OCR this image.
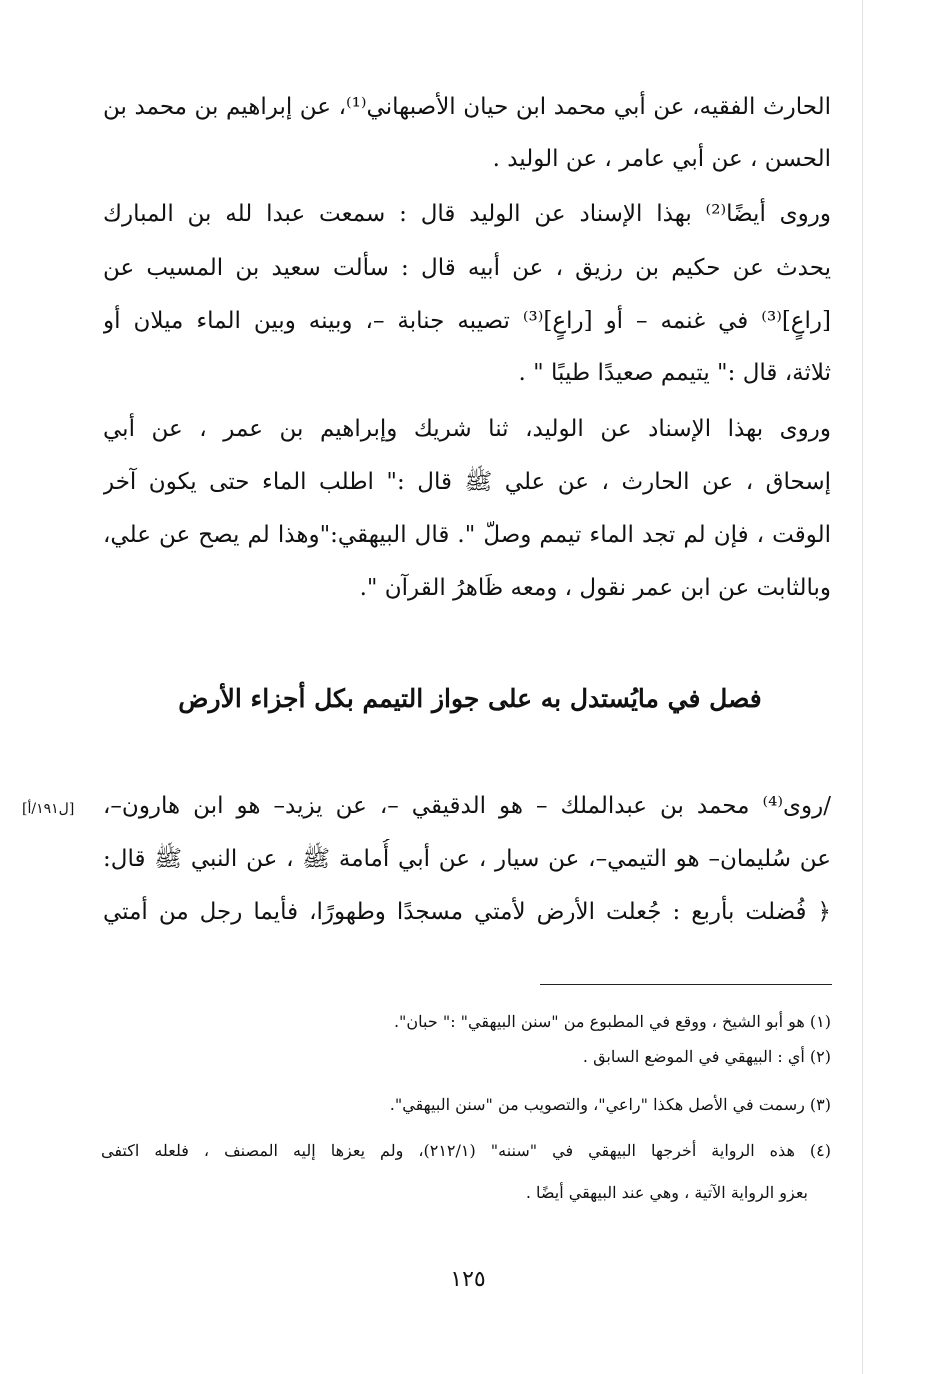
الحارث الفقيه، عن أبي محمد ابن حيان الأصبهاني⁽¹⁾، عن إبراهيم بن محمد بن
الحسن ، عن أبي عامر ، عن الوليد .
وروى أيضًا⁽²⁾ بهذا الإسناد عن الوليد قال : سمعت عبدا لله بن المبارك
يحدث عن حكيم بن رزيق ، عن أبيه قال : سألت سعيد بن المسيب عن
[راعٍ]⁽³⁾ في غنمه – أو [راعٍ]⁽³⁾ تصيبه جنابة –، وبينه وبين الماء ميلان أو
ثلاثة، قال :" يتيمم صعيدًا طيبًا " .
وروى بهذا الإسناد عن الوليد، ثنا شريك وإبراهيم بن عمر ، عن أبي
إسحاق ، عن الحارث ، عن علي ﷺ قال :" اطلب الماء حتى يكون آخر
الوقت ، فإن لم تجد الماء تيمم وصلّ ". قال البيهقي:"وهذا لم يصح عن علي،
وبالثابت عن ابن عمر نقول ، ومعه ظَاهرُ القرآن ".
فصل في مايُستدل به على جواز التيمم بكل أجزاء الأرض
/روى⁽⁴⁾ محمد بن عبدالملك – هو الدقيقي –، عن يزيد– هو ابن هارون–،
عن سُليمان– هو التيمي–، عن سيار ، عن أبي أُمامة ﷺ ، عن النبي ﷺ قال:
﴿ فُضلت بأربع : جُعلت الأرض لأمتي مسجدًا وطهورًا، فأيما رجل من أمتي
[ل١٩١/أ]
(١) هو أبو الشيخ ، ووقع في المطبوع من "سنن البيهقي" :" حبان".
(٢) أي : البيهقي في الموضع السابق .
(٣) رسمت في الأصل هكذا "راعي"، والتصويب من "سنن البيهقي".
(٤) هذه الرواية أخرجها البيهقي في "سننه" (٢١٢/١)، ولم يعزها إليه المصنف ، فلعله اكتفى
بعزو الرواية الآتية ، وهي عند البيهقي أيضًا .
١٢٥
